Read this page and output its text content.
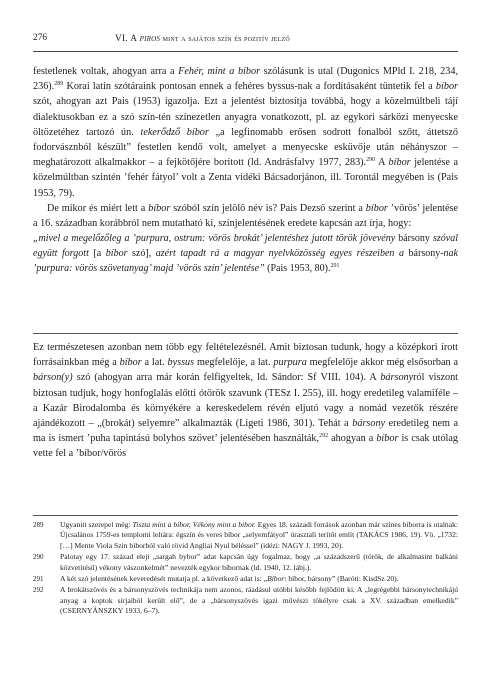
276	VI. A piros mint a sajátos szín és pozitív jelző

festetlenek voltak, ahogyan arra a Fehér, mint a bíbor szólásunk is utal (Dugonics MPld I. 218, 234, 236).$^{289}$ Korai latin szótáraink pontosan ennek a fehéres byssus-nak a fordításaként tüntetik fel a bíbor szót, ahogyan azt Pais (1953) igazolja. Ezt a jelentést biztosítja továbbá, hogy a közelmúltbeli tájí dialektusokban ez a szó szín-tén színezetlen anyagra vonatkozott, pl. az egykori sárközi menyecske öltözetéhez tartozó ún. tekerődző bíbor „a legfinomabb erősen sodrott fonalból szőtt, áttetsző fodorvásznból készült” festetlen kendő volt, amelyet a menyecske esküvője után néhányszor – meghatározott alkalmakkor – a fejkötőjére borított (ld. Andrásfalvy 1977, 283).$^{290}$ A bíbor jelentése a közelmúltban szintén ’fehér fátyol’ volt a Zenta vidéki Bácsadorjánon, ill. Torontál megyében is (Pais 1953, 79).

De mikor és miért lett a bíbor szóból szín jelölő név is? Pais Dezső szerint a bíbor ’vörös’ jelentése a 16. században korábbról nem mutatható ki, színjelentésének eredete kapcsán azt írja, hogy:

„mivel a megelőzőleg a ’purpura, ostrum: vörös brokát’ jelentéshez jutott török jövevény bársony szóval együtt forgott [a bíbor szó], azért tapadt rá a magyar nyelvközösség egyes részeiben a bársony-nak ’purpura: vörös szövetanyag’ majd ’vörös szín’ jelentése” (Pais 1953, 80).$^{291}$

Ez természetesen azonban nem több egy feltételezésnél. Amit biztosan tudunk, hogy a középkori írott forrásainkban még a bíbor a lat. byssus megfelelője, a lat. purpura megfelelője akkor még elsősorban a bárson(y) szó (ahogyan arra már korán felfigyeltek, ld. Sándor: Sf VIII. 104). A bársonyról viszont biztosan tudjuk, hogy honfoglalás előtti ótörök szavunk (TESz I. 255), ill. hogy eredetileg valamiféle – a Kazár Birodalomba és környékére a kereskedelem révén eljutó vagy a nomád vezetők részére ajándékozott – „(brokát) selyemre” alkalmazták (Ligeti 1986, 301). Tehát a bársony eredetileg nem a ma is ismert ’puha tapintású bolyhos szövet’ jelentésében használták,$^{292}$ ahogyan a bíbor is csak utólag vette fel a ’bíbor/vörös

289 Ugyanitt szerepel még: Tiszta mint a bibor, Vékony mint a bibor. Egyes 18. századi források azonban már színes bíborra is utalnak: Újcsalános 1759-es templomi leltára: égszín és veres bíbor „selyemfátyol” úrasztali terítőt említ (TAKÁCS 1986, 19). Vö. „1732: […] Mente Viola Szin biborból való rövid Angliai Nyul béléssel” (idézi: NAGY J. 1993, 20).
290 Palotay egy 17. század eleji „sargah bybor” adat kapcsán úgy fogalmaz, hogy „a századszerű (török, de alkalmasint balkáni közvetítésű) vékony vászonkelmét” nevezték egykor bíbornak (ld. 1940, 12. lábj.).
291 A két szó jelentésének keveredését mutatja pl. a következő adat is: „Bíbor: bíbor, bársony” (Baróti: KisdSz 20).
292 A brokátszövés és a bársonyszövés technikája nem azonos, ráadásul utóbbi később fejlődött ki. A „legrégebbi bársonytechnikájú anyag a koptok sírjaiból került elő”, de a „bársonyszövés igazi művészi tökélyre csak a XV. században emelkedik” (CSERNYÁNSZKY 1933, 6–7).
